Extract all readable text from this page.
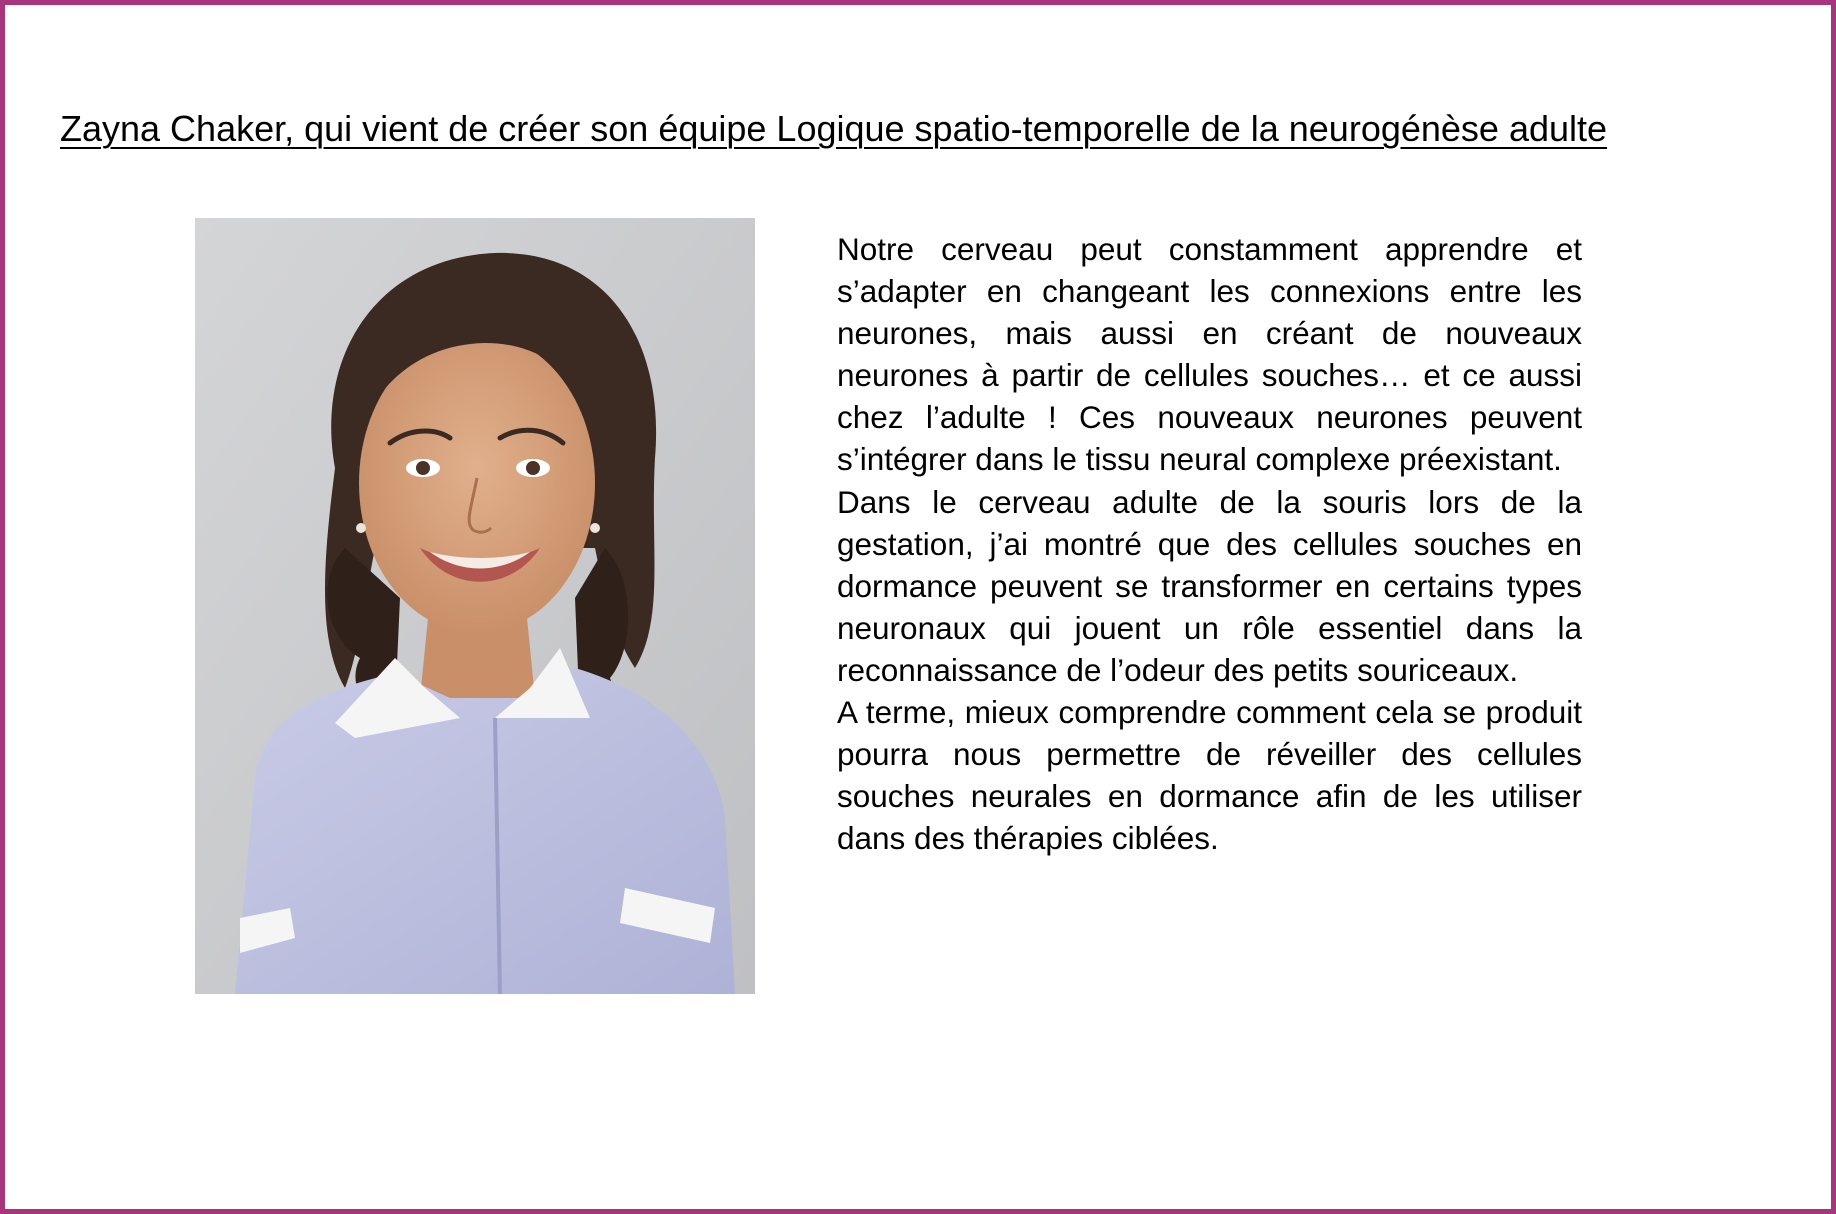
Zayna Chaker, qui vient de créer son équipe Logique spatio-temporelle de la neurogénèse adulte

Notre cerveau peut constamment apprendre et s’adapter en changeant les connexions entre les neurones, mais aussi en créant de nouveaux neurones à partir de cellules souches… et ce aussi chez l’adulte ! Ces nouveaux neurones peuvent s’intégrer dans le tissu neural complexe préexistant.

Dans le cerveau adulte de la souris lors de la gestation, j’ai montré que des cellules souches en dormance peuvent se transformer en certains types neuronaux qui jouent un rôle essentiel dans la reconnaissance de l’odeur des petits souriceaux.

A terme, mieux comprendre comment cela se produit pourra nous permettre de réveiller des cellules souches neurales en dormance afin de les utiliser dans des thérapies ciblées.
